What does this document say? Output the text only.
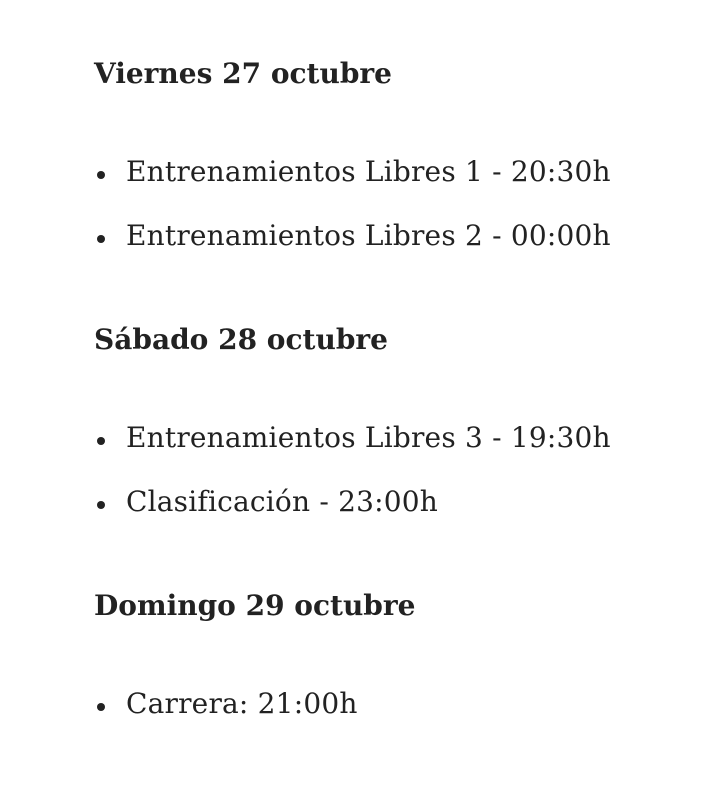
Viernes 27 octubre
Entrenamientos Libres 1 - 20:30h
Entrenamientos Libres 2 - 00:00h
Sábado 28 octubre
Entrenamientos Libres 3 - 19:30h
Clasificación - 23:00h
Domingo 29 octubre
Carrera: 21:00h
